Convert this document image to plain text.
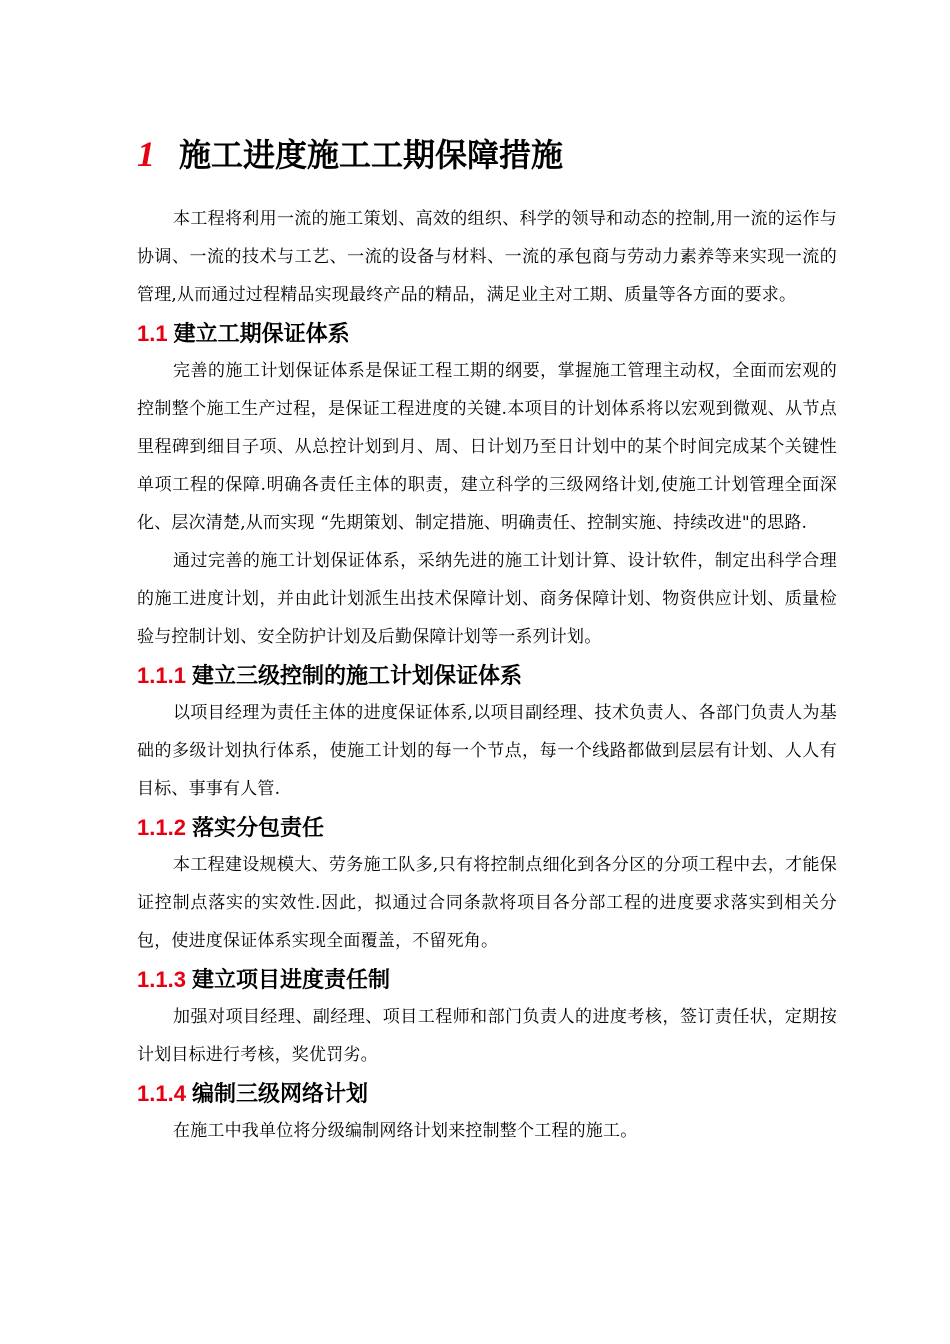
1 施工进度施工工期保障措施

本工程将利用一流的施工策划、高效的组织、科学的领导和动态的控制,用一流的运作与协调、一流的技术与工艺、一流的设备与材料、一流的承包商与劳动力素养等来实现一流的管理,从而通过过程精品实现最终产品的精品，满足业主对工期、质量等各方面的要求。

1.1 建立工期保证体系

完善的施工计划保证体系是保证工程工期的纲要，掌握施工管理主动权，全面而宏观的控制整个施工生产过程，是保证工程进度的关键.本项目的计划体系将以宏观到微观、从节点里程碑到细目子项、从总控计划到月、周、日计划乃至日计划中的某个时间完成某个关键性单项工程的保障.明确各责任主体的职责，建立科学的三级网络计划,使施工计划管理全面深化、层次清楚,从而实现 “先期策划、制定措施、明确责任、控制实施、持续改进"的思路.

通过完善的施工计划保证体系，采纳先进的施工计划计算、设计软件，制定出科学合理的施工进度计划，并由此计划派生出技术保障计划、商务保障计划、物资供应计划、质量检验与控制计划、安全防护计划及后勤保障计划等一系列计划。

1.1.1 建立三级控制的施工计划保证体系

以项目经理为责任主体的进度保证体系,以项目副经理、技术负责人、各部门负责人为基础的多级计划执行体系，使施工计划的每一个节点，每一个线路都做到层层有计划、人人有目标、事事有人管.

1.1.2 落实分包责任

本工程建设规模大、劳务施工队多,只有将控制点细化到各分区的分项工程中去，才能保证控制点落实的实效性.因此，拟通过合同条款将项目各分部工程的进度要求落实到相关分包，使进度保证体系实现全面覆盖，不留死角。

1.1.3 建立项目进度责任制

加强对项目经理、副经理、项目工程师和部门负责人的进度考核，签订责任状，定期按计划目标进行考核，奖优罚劣。

1.1.4 编制三级网络计划

在施工中我单位将分级编制网络计划来控制整个工程的施工。
